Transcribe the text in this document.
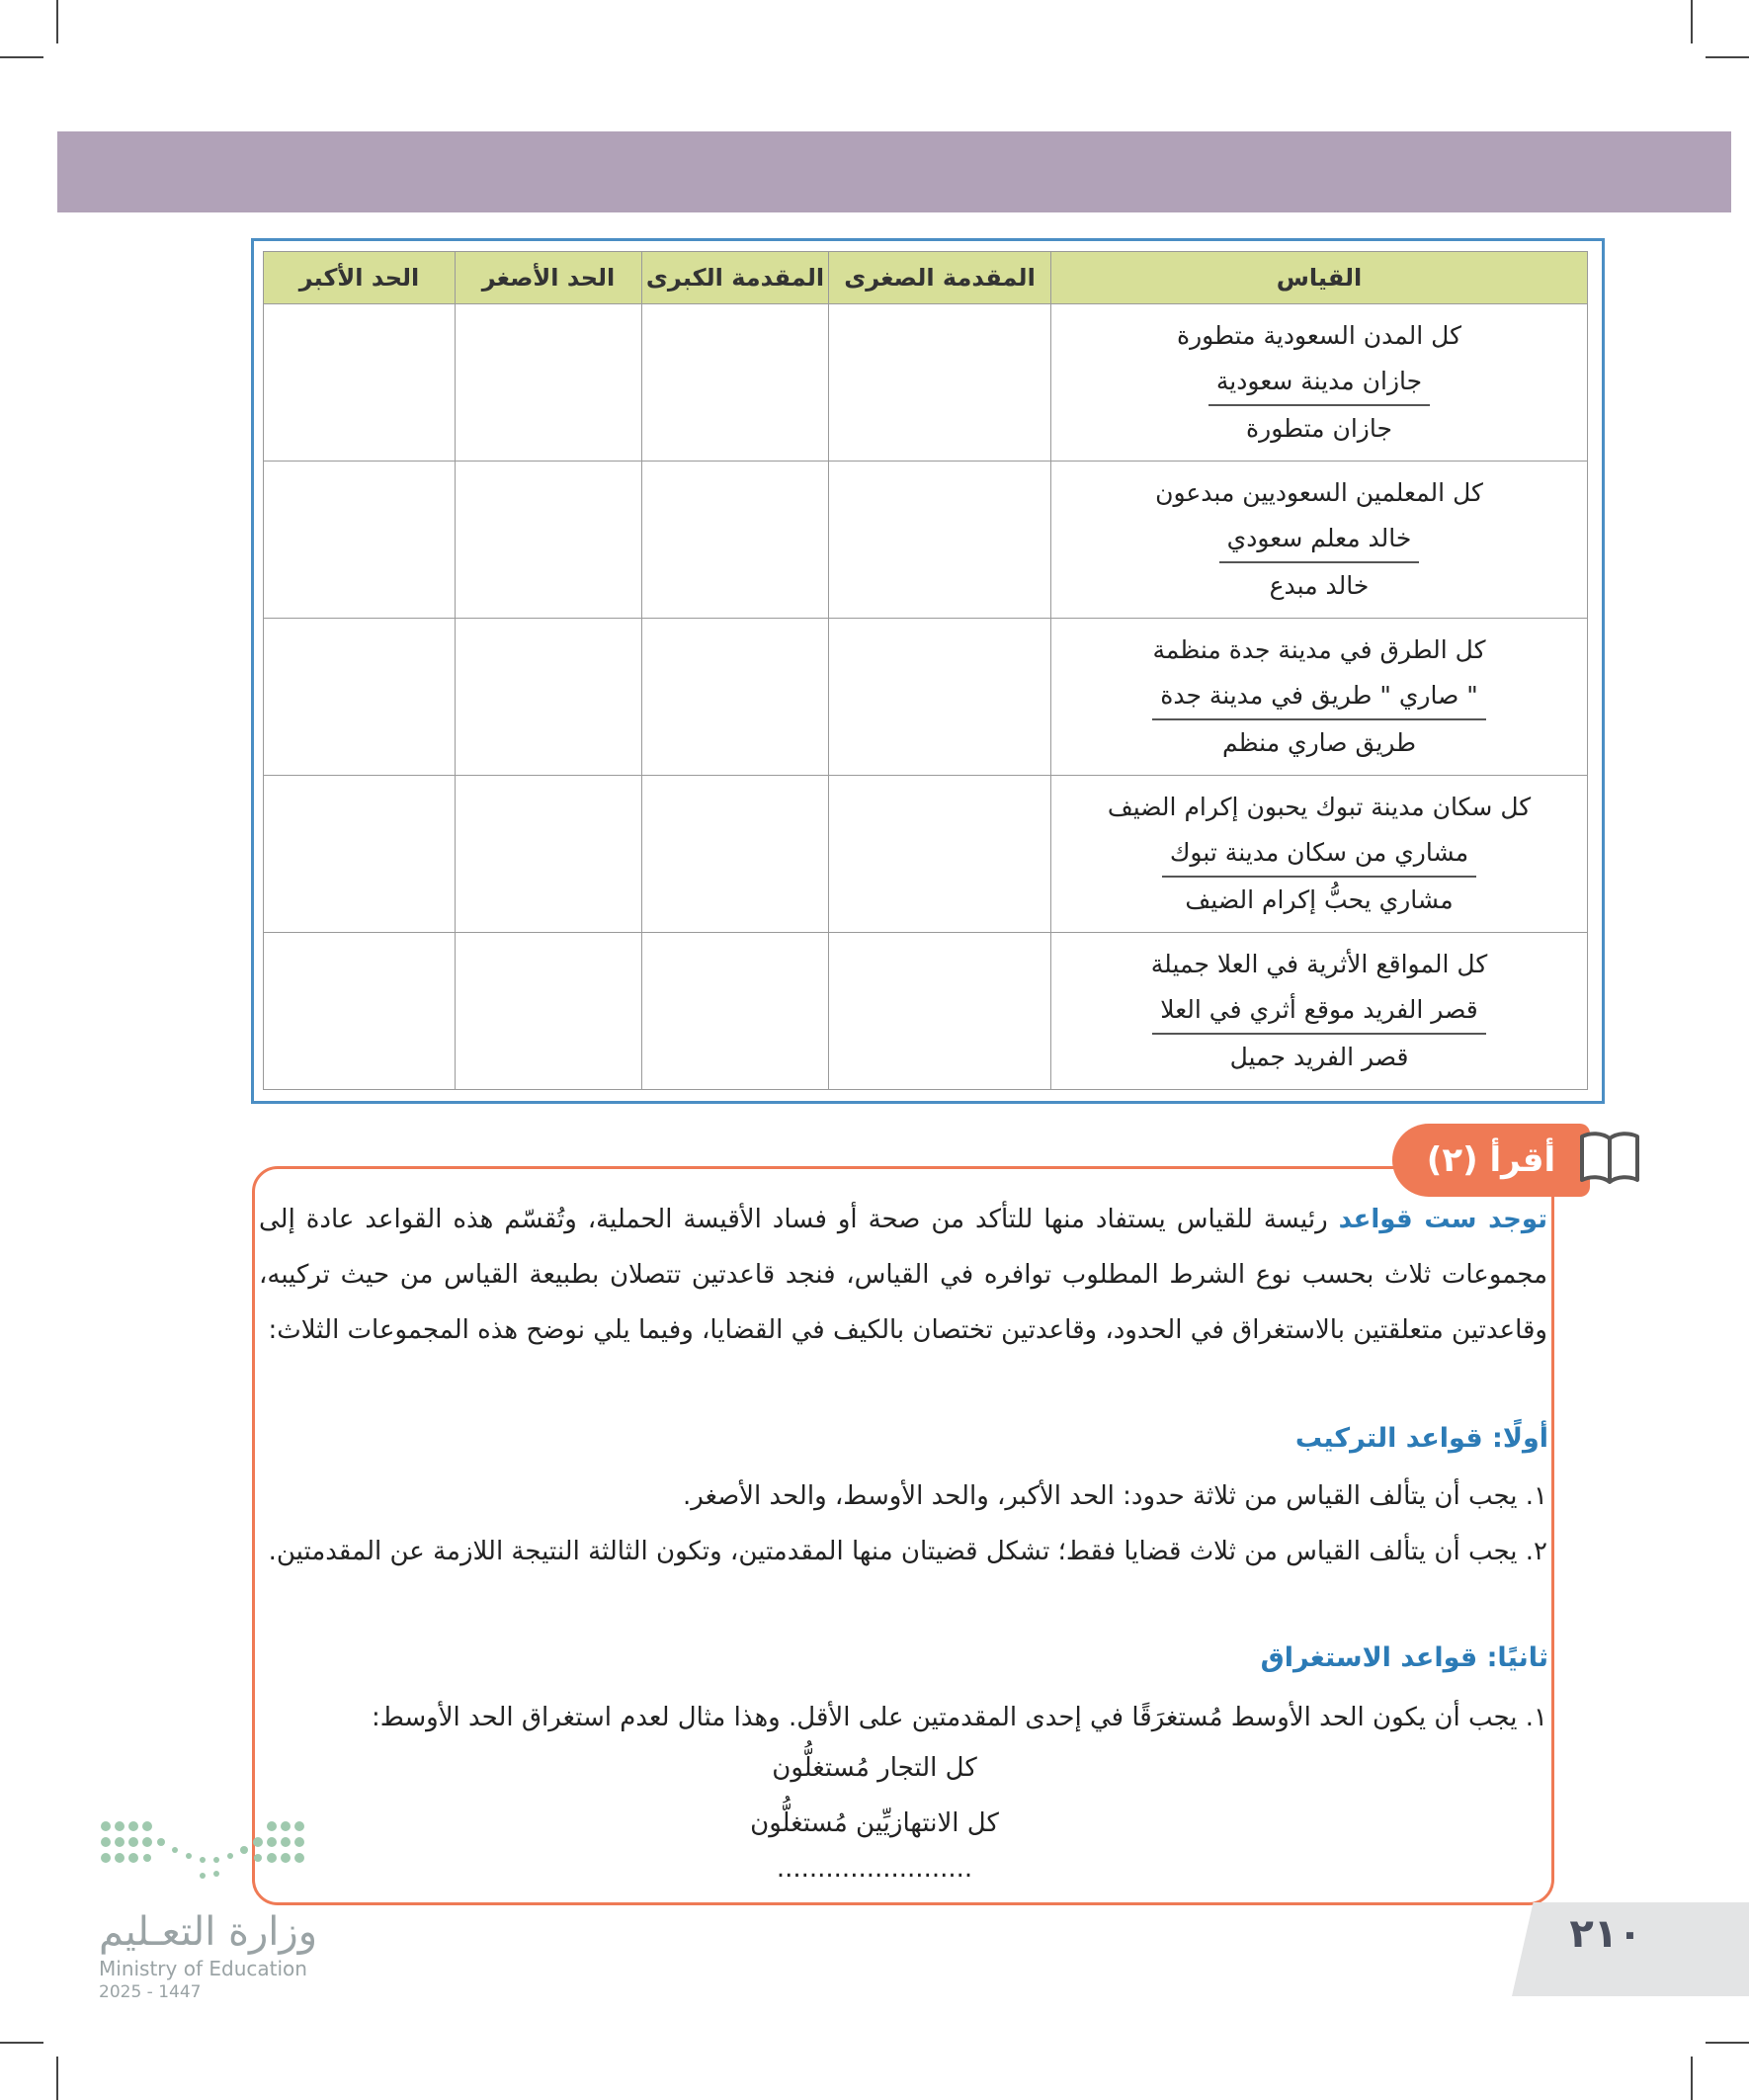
القياس	المقدمة الصغرى	المقدمة الكبرى	الحد الأصغر	الحد الأكبر

كل المدن السعودية متطورة
جازان مدينة سعودية
جازان متطورة				

كل المعلمين السعوديين مبدعون
خالد معلم سعودي
خالد مبدع				

كل الطرق في مدينة جدة منظمة
" صاري " طريق في مدينة جدة
طريق صاري منظم				

كل سكان مدينة تبوك يحبون إكرام الضيف
مشاري من سكان مدينة تبوك
مشاري يحبُّ إكرام الضيف				

كل المواقع الأثرية في العلا جميلة
قصر الفريد موقع أثري في العلا
قصر الفريد جميل				

أقرأ (٢)
توجد ست قواعد رئيسة للقياس يستفاد منها للتأكد من صحة أو فساد الأقيسة الحملية، وتُقسّم هذه القواعد عادة إلى مجموعات ثلاث بحسب نوع الشرط المطلوب توافره في القياس، فنجد قاعدتين تتصلان بطبيعة القياس من حيث تركيبه، وقاعدتين متعلقتين بالاستغراق في الحدود، وقاعدتين تختصان بالكيف في القضايا، وفيما يلي نوضح هذه المجموعات الثلاث:
أولًا: قواعد التركيب
١. يجب أن يتألف القياس من ثلاثة حدود: الحد الأكبر، والحد الأوسط، والحد الأصغر.
٢. يجب أن يتألف القياس من ثلاث قضايا فقط؛ تشكل قضيتان منها المقدمتين، وتكون الثالثة النتيجة اللازمة عن المقدمتين.
ثانيًا: قواعد الاستغراق
١. يجب أن يكون الحد الأوسط مُستغرَقًا في إحدى المقدمتين على الأقل. وهذا مثال لعدم استغراق الحد الأوسط:
كل التجار مُستغلُّون
كل الانتهازيِّين مُستغلُّون
........................
وزارة التعـليم
Ministry of Education
2025 - 1447
٢١٠
